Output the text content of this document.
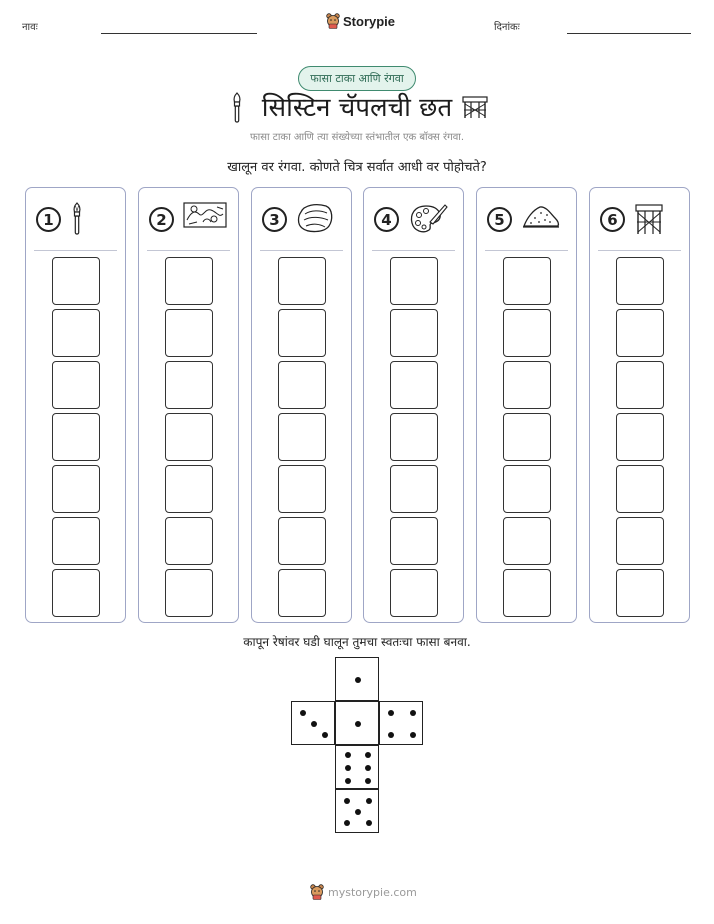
नावः	Storypie	दिनांकः
फासा टाका आणि रंगवा
सिस्टिन चॅपलची छत
फासा टाका आणि त्या संख्येच्या स्तंभातील एक बॉक्स रंगवा.
खालून वर रंगवा. कोणते चित्र सर्वात आधी वर पोहोचते?
1	2	3	4	5	6
कापून रेषांवर घडी घालून तुमचा स्वतःचा फासा बनवा.
mystorypie.com
